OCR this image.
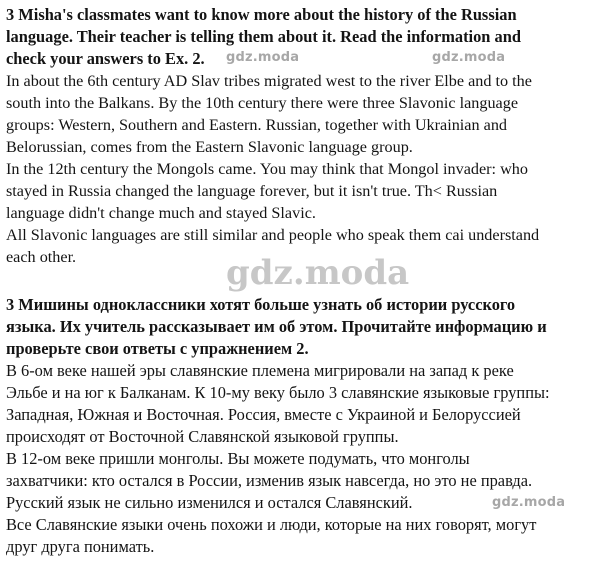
3 Misha's classmates want to know more about the history of the Russian
language. Their teacher is telling them about it. Read the information and
check your answers to Ex. 2.

In about the 6th century AD Slav tribes migrated west to the river Elbe and to the
south into the Balkans. By the 10th century there were three Slavonic language
groups: Western, Southern and Eastern. Russian, together with Ukrainian and
Belorussian, comes from the Eastern Slavonic language group.

In the 12th century the Mongols came. You may think that Mongol invader: who
stayed in Russia changed the language forever, but it isn't true. Th< Russian
language didn't change much and stayed Slavic.

All Slavonic languages are still similar and people who speak them cai understand
each other.

3 Мишины одноклассники хотят больше узнать об истории русского
языка. Их учитель рассказывает им об этом. Прочитайте информацию и
проверьте свои ответы с упражнением 2.

В 6-ом веке нашей эры славянские племена мигрировали на запад к реке
Эльбе и на юг к Балканам. К 10-му веку было 3 славянские языковые группы:
Западная, Южная и Восточная. Россия, вместе с Украиной и Белоруссией
происходят от Восточной Славянской языковой группы.

В 12-ом веке пришли монголы. Вы можете подумать, что монголы
захватчики: кто остался в России, изменив язык навсегда, но это не правда.
Русский язык не сильно изменился и остался Славянский.

Все Славянские языки очень похожи и люди, которые на них говорят, могут
друг друга понимать.

gdz.moda	gdz.moda
gdz.moda
gdz.moda
